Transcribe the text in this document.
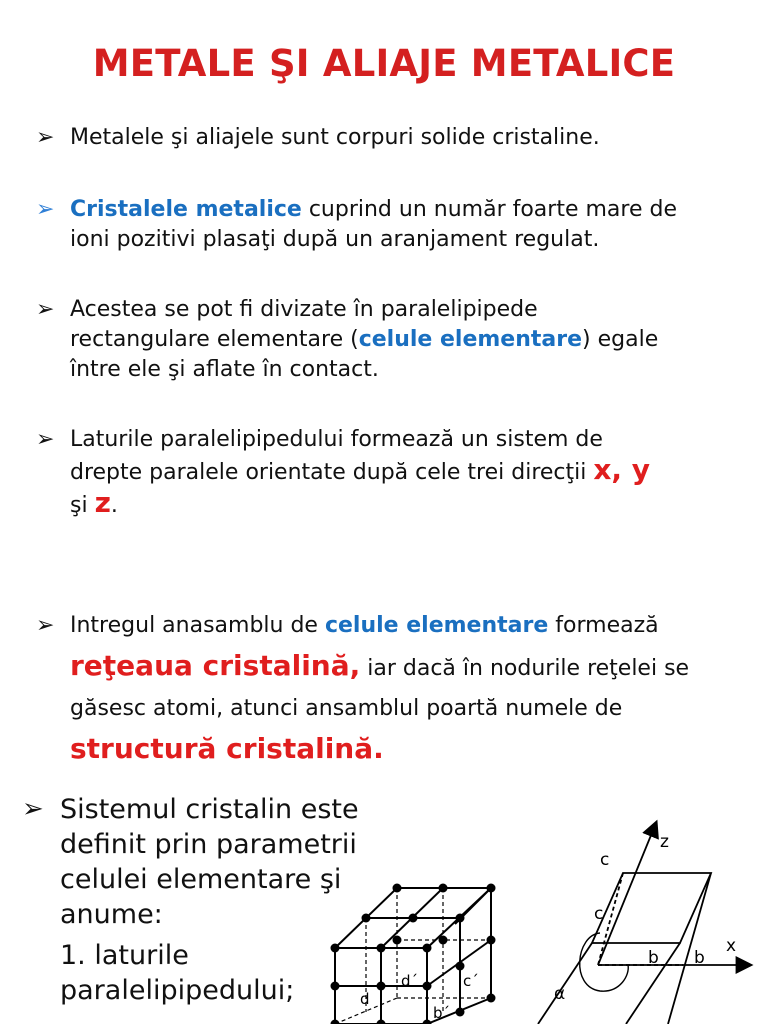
METALE ŞI ALIAJE METALICE
➢ Metalele şi aliajele sunt corpuri solide cristaline.
➢ Cristalele metalice cuprind un număr foarte mare de
ioni pozitivi plasaţi după un aranjament regulat.
➢ Acestea se pot fi divizate în paralelipipede
rectangulare elementare (celule elementare) egale
între ele şi aflate în contact.
➢ Laturile paralelipipedului formează un sistem de
drepte paralele orientate după cele trei direcţii x, y
şi z.
➢ Intregul anasamblu de celule elementare formează
reţeaua cristalină, iar dacă în nodurile reţelei se
găsesc atomi, atunci ansamblul poartă numele de
structură cristalină.
➢ Sistemul cristalin este
definit prin parametrii
celulei elementare şi
anume:
1. laturile
paralelipipedului;	d´	c´
d
b´
z
c
c
b b
x
α
